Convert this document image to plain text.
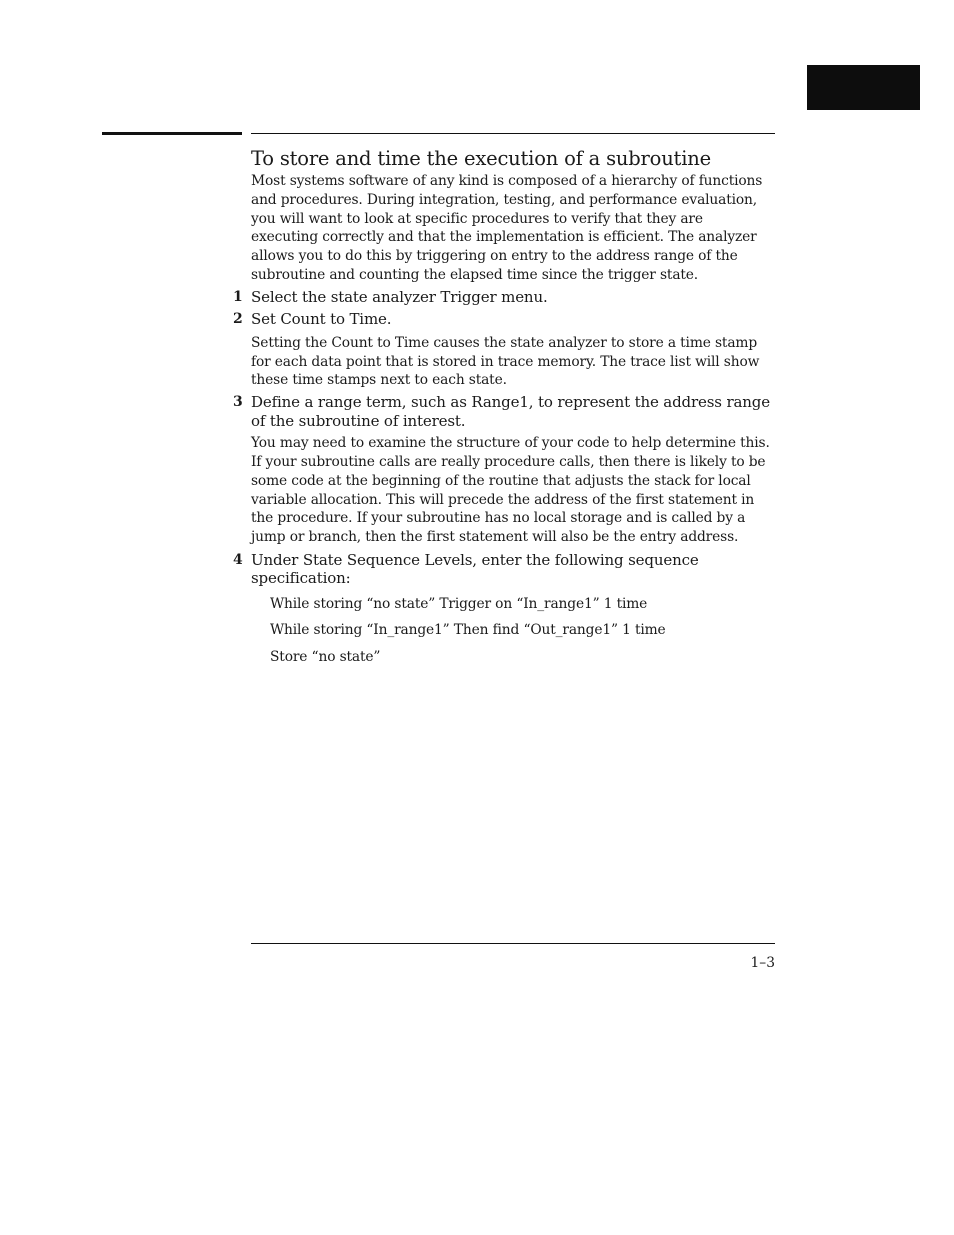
To store and time the execution of a subroutine

Most systems software of any kind is composed of a hierarchy of functions and procedures. During integration, testing, and performance evaluation, you will want to look at specific procedures to verify that they are executing correctly and that the implementation is efficient. The analyzer allows you to do this by triggering on entry to the address range of the subroutine and counting the elapsed time since the trigger state.

1 Select the state analyzer Trigger menu.
2 Set Count to Time.

Setting the Count to Time causes the state analyzer to store a time stamp for each data point that is stored in trace memory. The trace list will show these time stamps next to each state.

3 Define a range term, such as Range1, to represent the address range of the subroutine of interest.

You may need to examine the structure of your code to help determine this. If your subroutine calls are really procedure calls, then there is likely to be some code at the beginning of the routine that adjusts the stack for local variable allocation. This will precede the address of the first statement in the procedure. If your subroutine has no local storage and is called by a jump or branch, then the first statement will also be the entry address.

4 Under State Sequence Levels, enter the following sequence specification:
While storing “no state” Trigger on “In_range1” 1 time
While storing “In_range1” Then find “Out_range1” 1 time
Store “no state”
1–3
